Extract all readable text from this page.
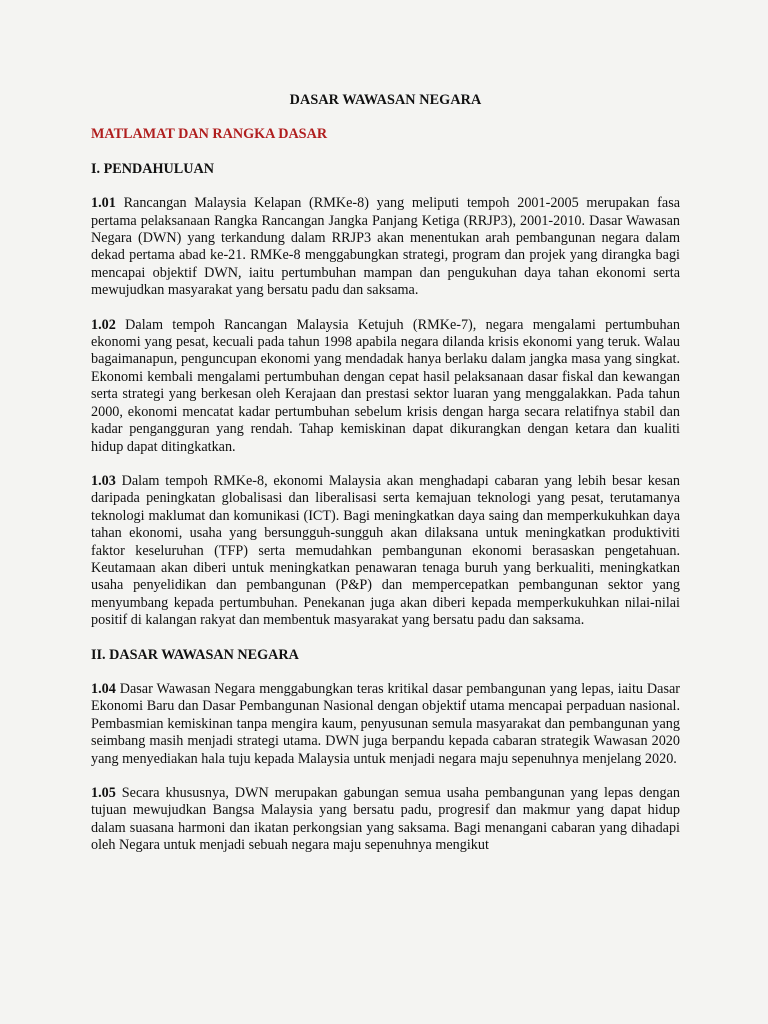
DASAR WAWASAN NEGARA
MATLAMAT DAN RANGKA DASAR
I. PENDAHULUAN

1.01 Rancangan Malaysia Kelapan (RMKe-8) yang meliputi tempoh 2001-2005 merupakan fasa pertama pelaksanaan Rangka Rancangan Jangka Panjang Ketiga (RRJP3), 2001-2010. Dasar Wawasan Negara (DWN) yang terkandung dalam RRJP3 akan menentukan arah pembangunan negara dalam dekad pertama abad ke-21. RMKe-8 menggabungkan strategi, program dan projek yang dirangka bagi mencapai objektif DWN, iaitu pertumbuhan mampan dan pengukuhan daya tahan ekonomi serta mewujudkan masyarakat yang bersatu padu dan saksama.

1.02 Dalam tempoh Rancangan Malaysia Ketujuh (RMKe-7), negara mengalami pertumbuhan ekonomi yang pesat, kecuali pada tahun 1998 apabila negara dilanda krisis ekonomi yang teruk. Walau bagaimanapun, penguncupan ekonomi yang mendadak hanya berlaku dalam jangka masa yang singkat. Ekonomi kembali mengalami pertumbuhan dengan cepat hasil pelaksanaan dasar fiskal dan kewangan serta strategi yang berkesan oleh Kerajaan dan prestasi sektor luaran yang menggalakkan. Pada tahun 2000, ekonomi mencatat kadar pertumbuhan sebelum krisis dengan harga secara relatifnya stabil dan kadar pengangguran yang rendah. Tahap kemiskinan dapat dikurangkan dengan ketara dan kualiti hidup dapat ditingkatkan.

1.03 Dalam tempoh RMKe-8, ekonomi Malaysia akan menghadapi cabaran yang lebih besar kesan daripada peningkatan globalisasi dan liberalisasi serta kemajuan teknologi yang pesat, terutamanya teknologi maklumat dan komunikasi (ICT). Bagi meningkatkan daya saing dan memperkukuhkan daya tahan ekonomi, usaha yang bersungguh-sungguh akan dilaksana untuk meningkatkan produktiviti faktor keseluruhan (TFP) serta memudahkan pembangunan ekonomi berasaskan pengetahuan. Keutamaan akan diberi untuk meningkatkan penawaran tenaga buruh yang berkualiti, meningkatkan usaha penyelidikan dan pembangunan (P&P) dan mempercepatkan pembangunan sektor yang menyumbang kepada pertumbuhan. Penekanan juga akan diberi kepada memperkukuhkan nilai-nilai positif di kalangan rakyat dan membentuk masyarakat yang bersatu padu dan saksama.

II. DASAR WAWASAN NEGARA

1.04 Dasar Wawasan Negara menggabungkan teras kritikal dasar pembangunan yang lepas, iaitu Dasar Ekonomi Baru dan Dasar Pembangunan Nasional dengan objektif utama mencapai perpaduan nasional. Pembasmian kemiskinan tanpa mengira kaum, penyusunan semula masyarakat dan pembangunan yang seimbang masih menjadi strategi utama. DWN juga berpandu kepada cabaran strategik Wawasan 2020 yang menyediakan hala tuju kepada Malaysia untuk menjadi negara maju sepenuhnya menjelang 2020.

1.05 Secara khususnya, DWN merupakan gabungan semua usaha pembangunan yang lepas dengan tujuan mewujudkan Bangsa Malaysia yang bersatu padu, progresif dan makmur yang dapat hidup dalam suasana harmoni dan ikatan perkongsian yang saksama. Bagi menangani cabaran yang dihadapi oleh Negara untuk menjadi sebuah negara maju sepenuhnya mengikut
